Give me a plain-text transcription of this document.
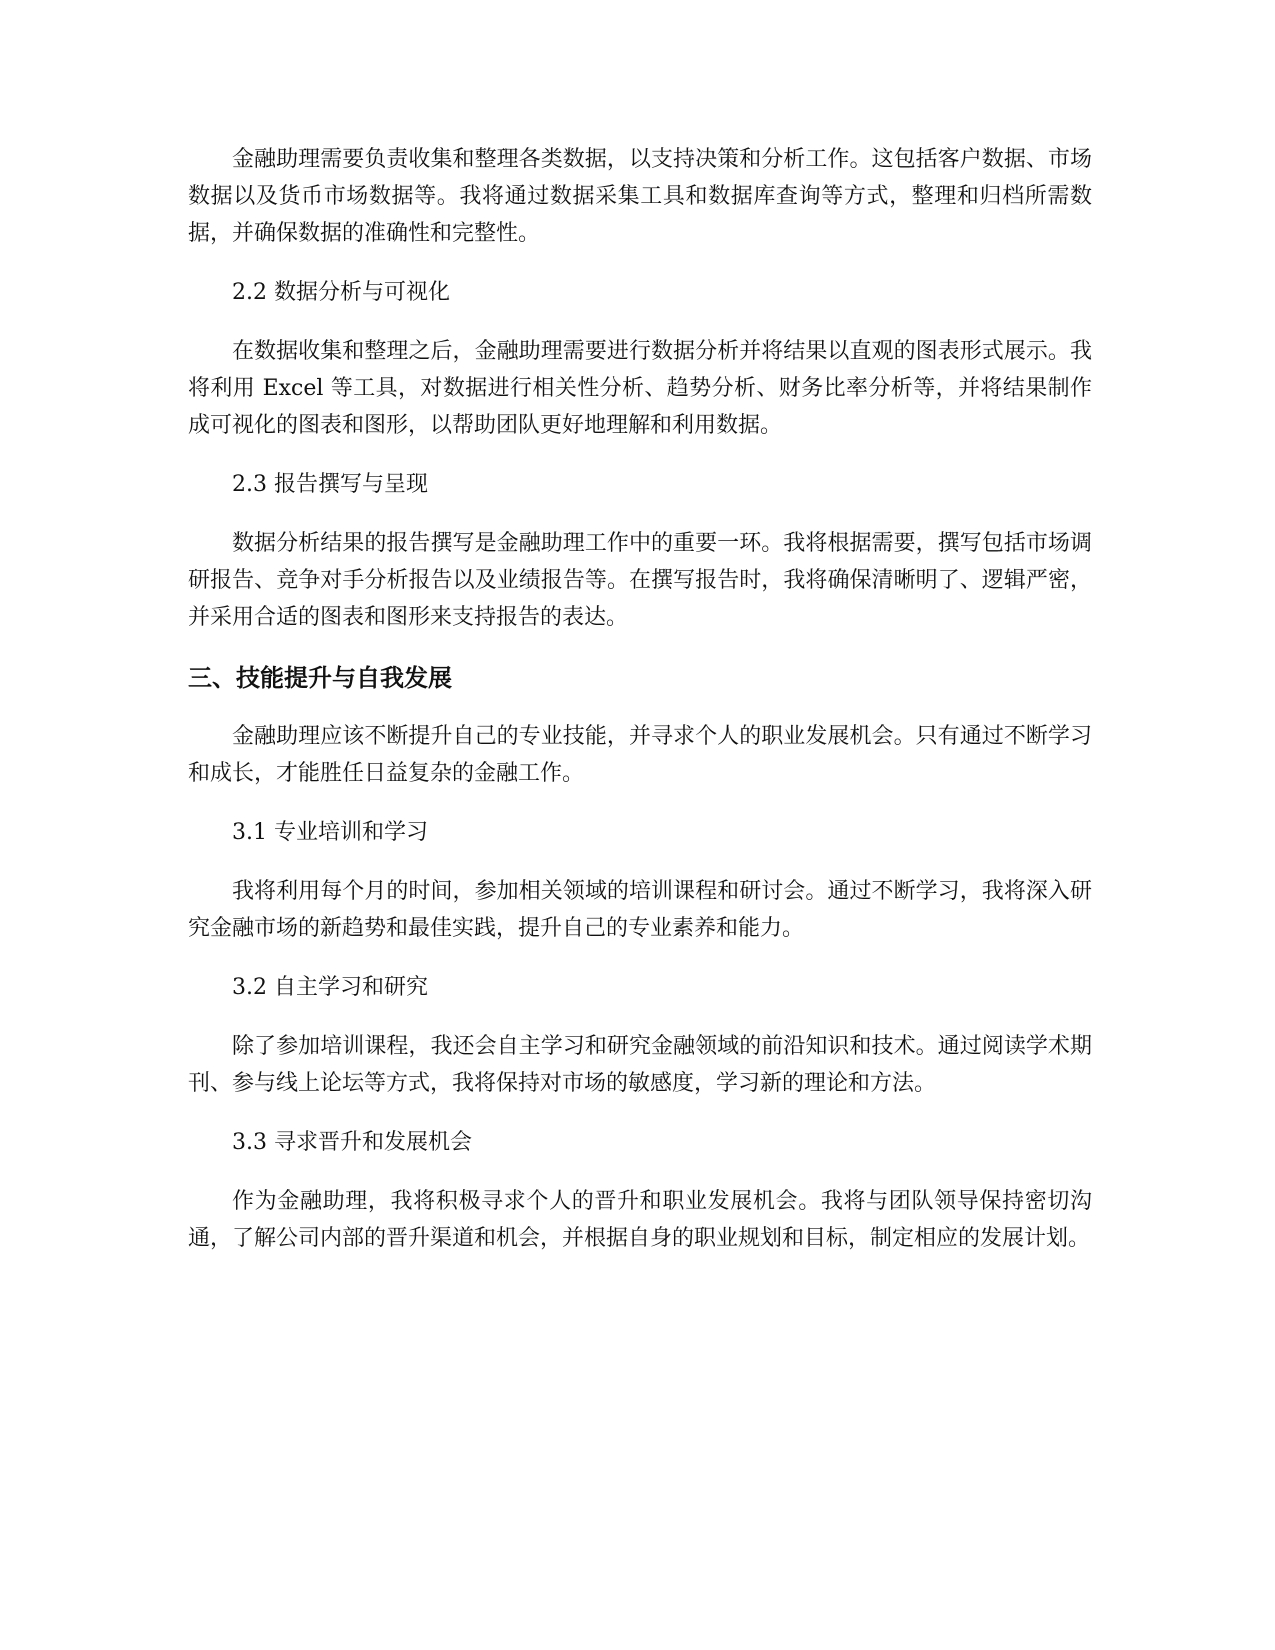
金融助理需要负责收集和整理各类数据，以支持决策和分析工作。这包括客户数据、市场数据以及货币市场数据等。我将通过数据采集工具和数据库查询等方式，整理和归档所需数据，并确保数据的准确性和完整性。

2.2 数据分析与可视化

在数据收集和整理之后，金融助理需要进行数据分析并将结果以直观的图表形式展示。我将利用 Excel 等工具，对数据进行相关性分析、趋势分析、财务比率分析等，并将结果制作成可视化的图表和图形，以帮助团队更好地理解和利用数据。

2.3 报告撰写与呈现

数据分析结果的报告撰写是金融助理工作中的重要一环。我将根据需要，撰写包括市场调研报告、竞争对手分析报告以及业绩报告等。在撰写报告时，我将确保清晰明了、逻辑严密，并采用合适的图表和图形来支持报告的表达。

三、技能提升与自我发展

金融助理应该不断提升自己的专业技能，并寻求个人的职业发展机会。只有通过不断学习和成长，才能胜任日益复杂的金融工作。

3.1 专业培训和学习

我将利用每个月的时间，参加相关领域的培训课程和研讨会。通过不断学习，我将深入研究金融市场的新趋势和最佳实践，提升自己的专业素养和能力。

3.2 自主学习和研究

除了参加培训课程，我还会自主学习和研究金融领域的前沿知识和技术。通过阅读学术期刊、参与线上论坛等方式，我将保持对市场的敏感度，学习新的理论和方法。

3.3 寻求晋升和发展机会

作为金融助理，我将积极寻求个人的晋升和职业发展机会。我将与团队领导保持密切沟通，了解公司内部的晋升渠道和机会，并根据自身的职业规划和目标，制定相应的发展计划。
